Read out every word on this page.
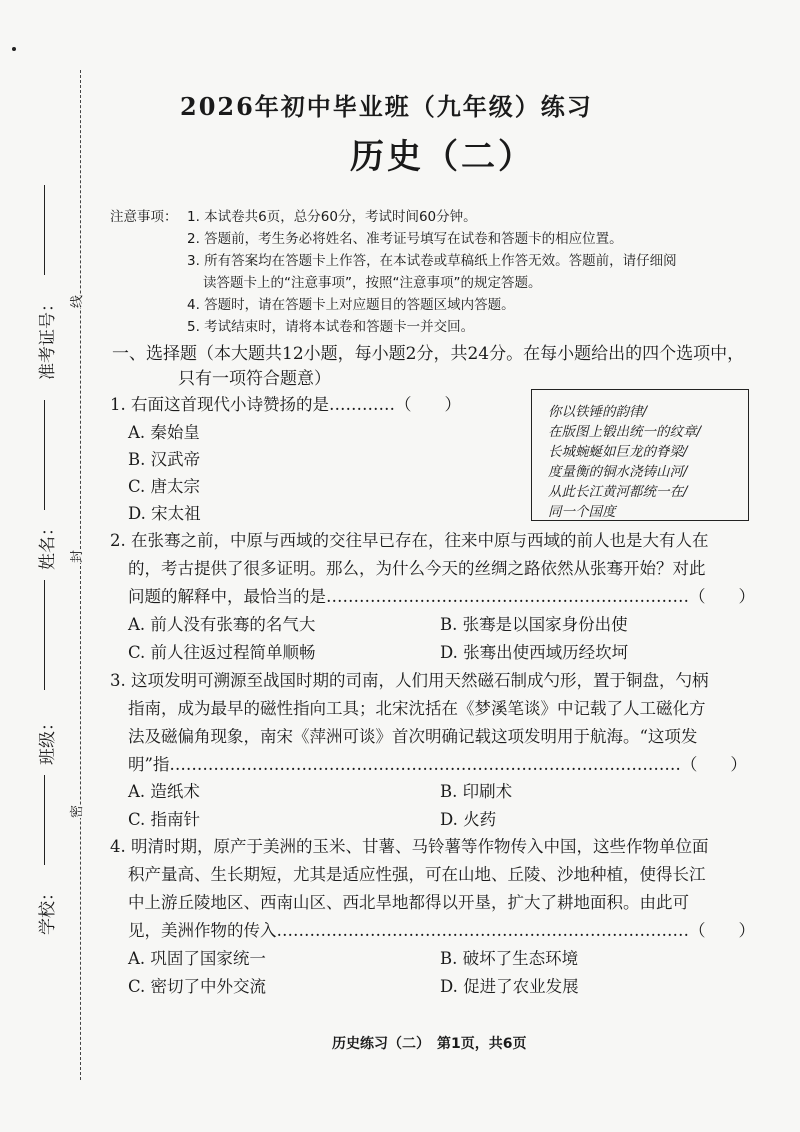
准考证号：
姓名：
班级：
学校：
线
封
密
2026年初中毕业班（九年级）练习
历史（二）
注意事项： 1. 本试卷共6页，总分60分，考试时间60分钟。
2. 答题前，考生务必将姓名、准考证号填写在试卷和答题卡的相应位置。
3. 所有答案均在答题卡上作答，在本试卷或草稿纸上作答无效。答题前，请仔细阅
读答题卡上的“注意事项”，按照“注意事项”的规定答题。
4. 答题时，请在答题卡上对应题目的答题区域内答题。
5. 考试结束时，请将本试卷和答题卡一并交回。
一、选择题（本大题共12小题，每小题2分，共24分。在每小题给出的四个选项中，
只有一项符合题意）
1. 右面这首现代小诗赞扬的是…………（　　）
A. 秦始皇
B. 汉武帝
C. 唐太宗
D. 宋太祖
你以铁锤的韵律/
在版图上锻出统一的纹章/
长城蜿蜒如巨龙的脊梁/
度量衡的铜水浇铸山河/
从此长江黄河都统一在/
同一个国度
2. 在张骞之前，中原与西域的交往早已存在，往来中原与西域的前人也是大有人在
的，考古提供了很多证明。那么，为什么今天的丝绸之路依然从张骞开始？对此
问题的解释中，最恰当的是…………………………………………………………（　　）
A. 前人没有张骞的名气大	B. 张骞是以国家身份出使
C. 前人往返过程简单顺畅	D. 张骞出使西域历经坎坷
3. 这项发明可溯源至战国时期的司南，人们用天然磁石制成勺形，置于铜盘，勺柄
指南，成为最早的磁性指向工具；北宋沈括在《梦溪笔谈》中记载了人工磁化方
法及磁偏角现象，南宋《萍洲可谈》首次明确记载这项发明用于航海。“这项发
明”指…………………………………………………………………………………（　　）
A. 造纸术	B. 印刷术
C. 指南针	D. 火药
4. 明清时期，原产于美洲的玉米、甘薯、马铃薯等作物传入中国，这些作物单位面
积产量高、生长期短，尤其是适应性强，可在山地、丘陵、沙地种植，使得长江
中上游丘陵地区、西南山区、西北旱地都得以开垦，扩大了耕地面积。由此可
见，美洲作物的传入…………………………………………………………………（　　）
A. 巩固了国家统一	B. 破坏了生态环境
C. 密切了中外交流	D. 促进了农业发展
历史练习（二）　第1页，共6页
